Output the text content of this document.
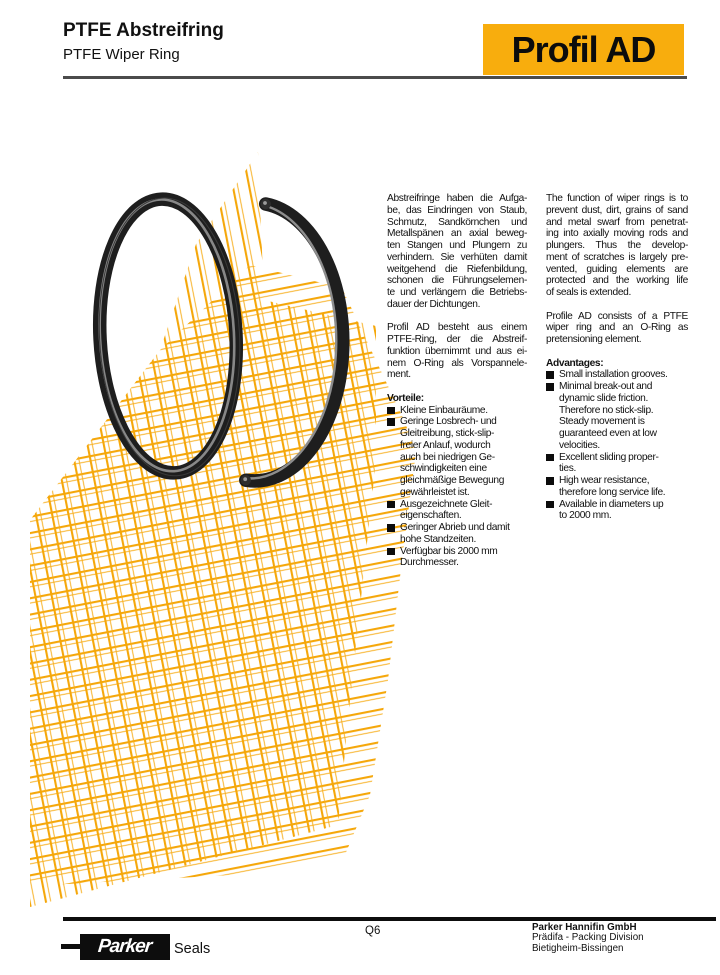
PTFE Abstreifring
PTFE Wiper Ring	Profil AD
Abstreifringe haben die Aufga-
be, das Eindringen von Staub,
Schmutz, Sandkörnchen und
Metallspänen an axial beweg-
ten Stangen und Plungern zu
verhindern. Sie verhüten damit
weitgehend die Riefenbildung,
schonen die Führungselemen-
te und verlängern die Betriebs-
dauer der Dichtungen.
Profil AD besteht aus einem
PTFE-Ring, der die Abstreif-
funktion übernimmt und aus ei-
nem O-Ring als Vorspannele-
ment.
Vorteile:
Kleine Einbauräume.
Geringe Losbrech- und
Gleitreibung, stick-slip-
freier Anlauf, wodurch
auch bei niedrigen Ge-
schwindigkeiten eine
gleichmäßige Bewegung
gewährleistet ist.
Ausgezeichnete Gleit-
eigenschaften.
Geringer Abrieb und damit
hohe Standzeiten.
Verfügbar bis 2000 mm
Durchmesser.
The function of wiper rings is to
prevent dust, dirt, grains of sand
and metal swarf from penetrat-
ing into axially moving rods and
plungers. Thus the develop-
ment of scratches is largely pre-
vented, guiding elements are
protected and the working life
of seals is extended.
Profile AD consists of a PTFE
wiper ring and an O-Ring as
pretensioning element.
Advantages:
Small installation grooves.
Minimal break-out and
dynamic slide friction.
Therefore no stick-slip.
Steady movement is
guaranteed even at low
velocities.
Excellent sliding proper-
ties.
High wear resistance,
therefore long service life.
Available in diameters up
to 2000 mm.
Parker Seals
Q6	Parker Hannifin GmbH
Prädifa - Packing Division
Bietigheim-Bissingen
